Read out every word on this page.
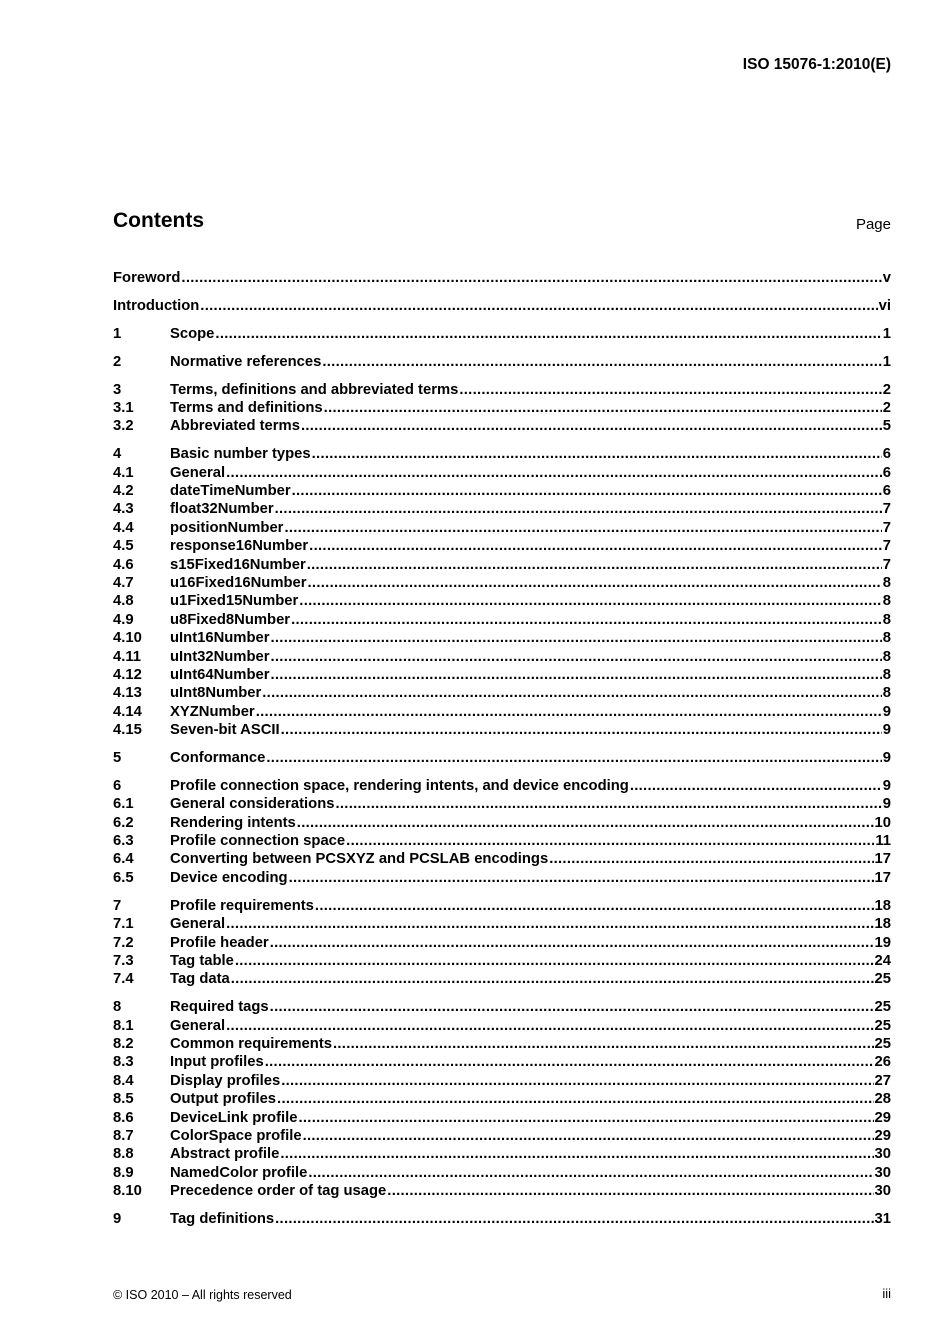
ISO 15076-1:2010(E)
Contents	Page
Foreword .....	v
Introduction .....	vi
1	Scope .....	1
2	Normative references .....	1
3	Terms, definitions and abbreviated terms .....	2
3.1	Terms and definitions .....	2
3.2	Abbreviated terms .....	5
4	Basic number types .....	6
4.1	General .....	6
4.2	dateTimeNumber .....	6
4.3	float32Number .....	7
4.4	positionNumber .....	7
4.5	response16Number .....	7
4.6	s15Fixed16Number .....	7
4.7	u16Fixed16Number .....	8
4.8	u1Fixed15Number .....	8
4.9	u8Fixed8Number .....	8
4.10	uInt16Number .....	8
4.11	uInt32Number .....	8
4.12	uInt64Number .....	8
4.13	uInt8Number .....	8
4.14	XYZNumber .....	9
4.15	Seven-bit ASCII .....	9
5	Conformance .....	9
6	Profile connection space, rendering intents, and device encoding .....	9
6.1	General considerations .....	9
6.2	Rendering intents .....	10
6.3	Profile connection space .....	11
6.4	Converting between PCSXYZ and PCSLAB encodings .....	17
6.5	Device encoding .....	17
7	Profile requirements .....	18
7.1	General .....	18
7.2	Profile header .....	19
7.3	Tag table .....	24
7.4	Tag data .....	25
8	Required tags .....	25
8.1	General .....	25
8.2	Common requirements .....	25
8.3	Input profiles .....	26
8.4	Display profiles .....	27
8.5	Output profiles .....	28
8.6	DeviceLink profile .....	29
8.7	ColorSpace profile .....	29
8.8	Abstract profile .....	30
8.9	NamedColor profile .....	30
8.10	Precedence order of tag usage .....	30
9	Tag definitions .....	31
© ISO 2010 – All rights reserved	iii
